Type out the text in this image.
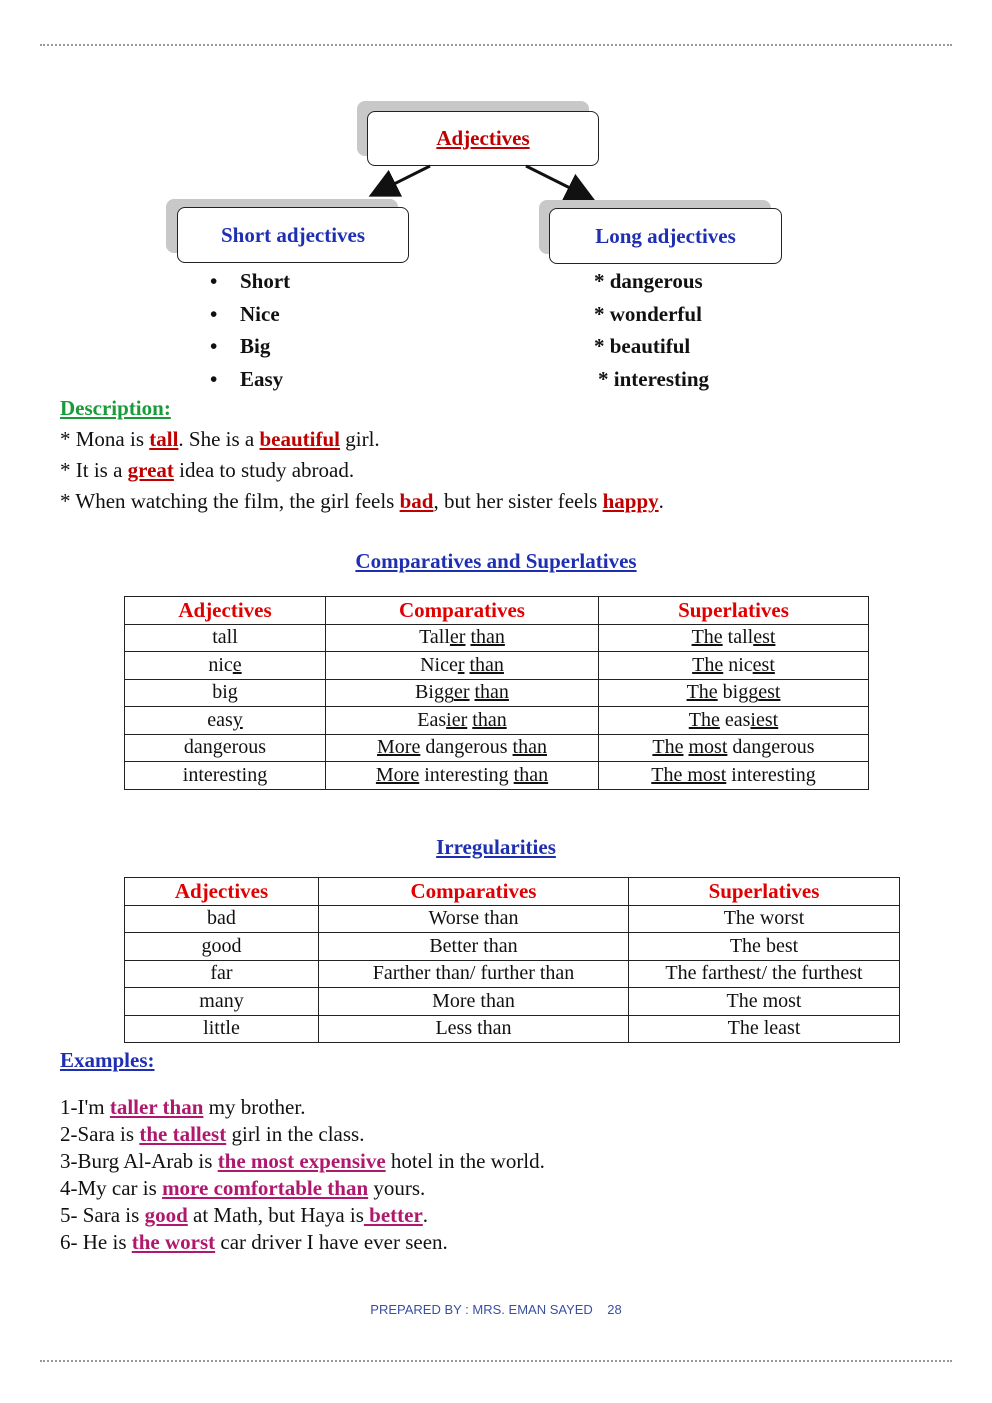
Adjectives
Short adjectives	Long adjectives
• Short
• Nice
• Big
• Easy
* dangerous
* wonderful
* beautiful
* interesting
Description:
* Mona is tall. She is a beautiful girl.
* It is a great idea to study abroad.
* When watching the film, the girl feels bad, but her sister feels happy.
Comparatives and Superlatives
Adjectives	Comparatives	Superlatives
tall	Taller than	The tallest
nice	Nicer than	The nicest
big	Bigger than	The biggest
easy	Easier than	The easiest
dangerous	More dangerous than	The most dangerous
interesting	More interesting than	The most interesting
Irregularities
Adjectives	Comparatives	Superlatives
bad	Worse than	The worst
good	Better than	The best
far	Farther than/ further than	The farthest/ the furthest
many	More than	The most
little	Less than	The least
Examples:
1-I'm taller than my brother.
2-Sara is the tallest girl in the class.
3-Burg Al-Arab is the most expensive hotel in the world.
4-My car is more comfortable than yours.
5- Sara is good at Math, but Haya is better.
6- He is the worst car driver I have ever seen.
PREPARED BY : MRS. EMAN SAYED    28
